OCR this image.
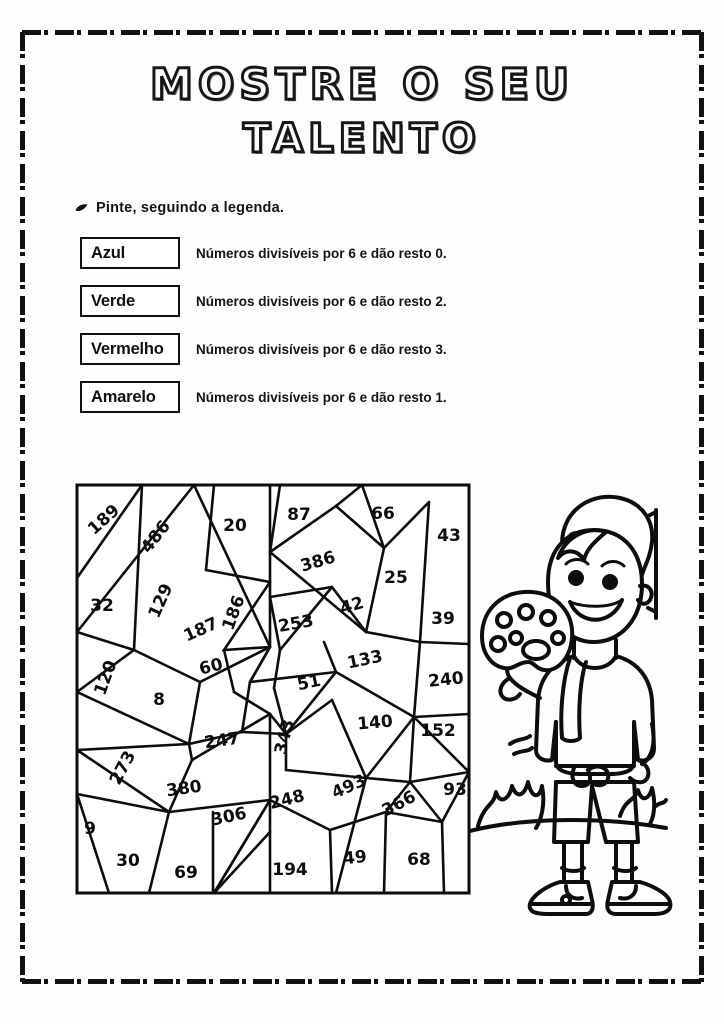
MOSTRE O SEU
TALENTO
Pinte, seguindo a legenda.
Azul	Números divisíveis por 6 e dão resto 0.
Verde	Números divisíveis por 6 e dão resto 2.
Vermelho Números divisíveis por 6 e dão resto 3.
Amarelo	Números divisíveis por 6 e dão resto 1.
189 486	20
87	66
43
386
25
32 129 186 253
42
39
187
133
120	60
51	240
8
140 152
247 343
273
380	493
248	366 93
306
9
30
69	194
49 68
